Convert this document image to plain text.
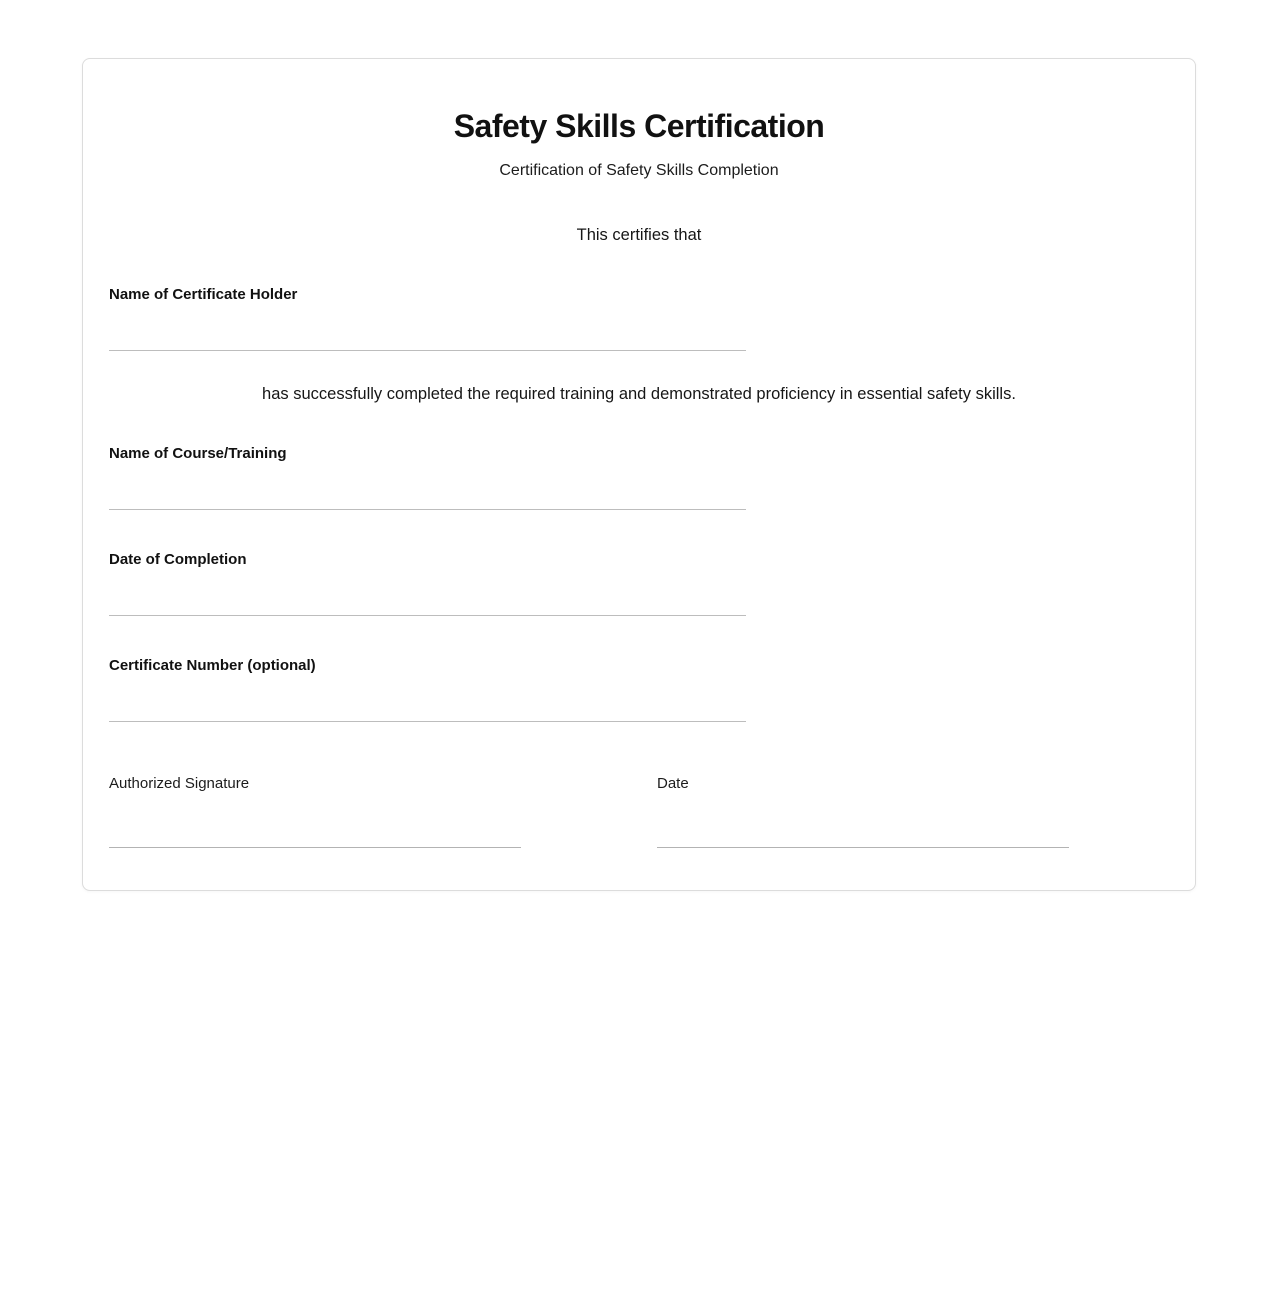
Safety Skills Certification

Certification of Safety Skills Completion

This certifies that

Name of Certificate Holder

has successfully completed the required training and demonstrated proficiency in essential safety skills.

Name of Course/Training
Date of Completion
Certificate Number (optional)
Authorized Signature	Date
